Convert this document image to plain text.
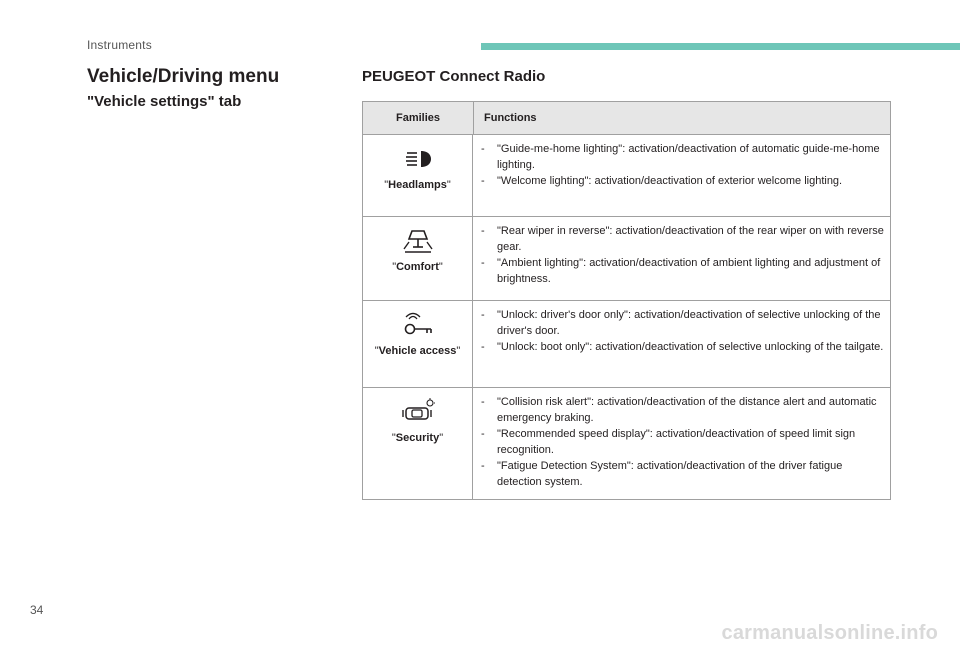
Instruments
Vehicle/Driving menu
"Vehicle settings" tab
PEUGEOT Connect Radio
Families	Functions
"Headlamps"
-	"Guide-me-home lighting": activation/deactivation of automatic guide-me-home lighting.
-	"Welcome lighting": activation/deactivation of exterior welcome lighting.
"Comfort"
-	"Rear wiper in reverse": activation/deactivation of the rear wiper on with reverse gear.
-	"Ambient lighting": activation/deactivation of ambient lighting and adjustment of brightness.
"Vehicle access"
-	"Unlock: driver's door only": activation/deactivation of selective unlocking of the driver's door.
-	"Unlock: boot only": activation/deactivation of selective unlocking of the tailgate.
"Security"
-	"Collision risk alert": activation/deactivation of the distance alert and automatic emergency braking.
-	"Recommended speed display": activation/deactivation of speed limit sign recognition.
-	"Fatigue Detection System": activation/deactivation of the driver fatigue detection system.
34
carmanualsonline.info
